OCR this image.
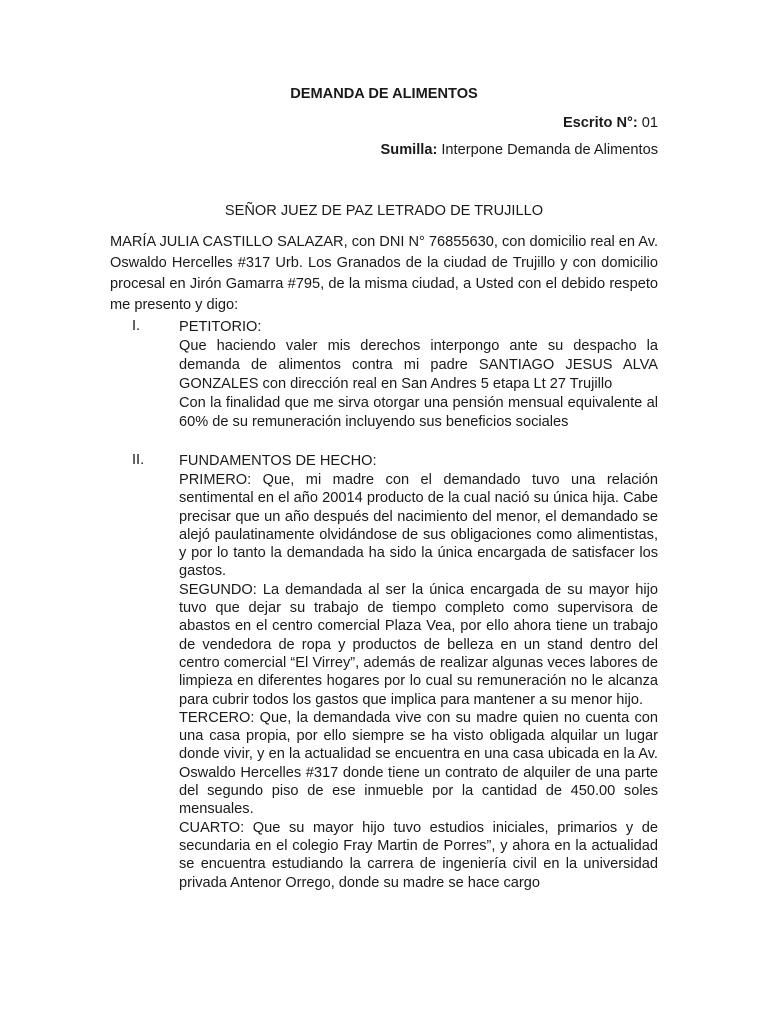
DEMANDA DE ALIMENTOS
Escrito N°: 01
Sumilla: Interpone Demanda de Alimentos
SEÑOR JUEZ DE PAZ LETRADO DE TRUJILLO
MARÍA JULIA CASTILLO SALAZAR, con DNI N° 76855630, con domicilio real en Av. Oswaldo Hercelles #317 Urb. Los Granados de la ciudad de Trujillo y con domicilio procesal en Jirón Gamarra #795, de la misma ciudad, a Usted con el debido respeto me presento y digo:
I.	PETITORIO:

Que haciendo valer mis derechos interpongo ante su despacho la demanda de alimentos contra mi padre SANTIAGO JESUS ALVA GONZALES con dirección real en San Andres 5 etapa Lt 27 Trujillo

Con la finalidad que me sirva otorgar una pensión mensual equivalente al 60% de su remuneración incluyendo sus beneficios sociales

II. FUNDAMENTOS DE HECHO:

PRIMERO: Que, mi madre con el demandado tuvo una relación sentimental en el año 20014 producto de la cual nació su única hija. Cabe precisar que un año después del nacimiento del menor, el demandado se alejó paulatinamente olvidándose de sus obligaciones como alimentistas, y por lo tanto la demandada ha sido la única encargada de satisfacer los gastos.

SEGUNDO: La demandada al ser la única encargada de su mayor hijo tuvo que dejar su trabajo de tiempo completo como supervisora de abastos en el centro comercial Plaza Vea, por ello ahora tiene un trabajo de vendedora de ropa y productos de belleza en un stand dentro del centro comercial “El Virrey”, además de realizar algunas veces labores de limpieza en diferentes hogares por lo cual su remuneración no le alcanza para cubrir todos los gastos que implica para mantener a su menor hijo.

TERCERO: Que, la demandada vive con su madre quien no cuenta con una casa propia, por ello siempre se ha visto obligada alquilar un lugar donde vivir, y en la actualidad se encuentra en una casa ubicada en la Av. Oswaldo Hercelles #317 donde tiene un contrato de alquiler de una parte del segundo piso de ese inmueble por la cantidad de 450.00 soles mensuales.

CUARTO: Que su mayor hijo tuvo estudios iniciales, primarios y de secundaria en el colegio Fray Martin de Porres”, y ahora en la actualidad se encuentra estudiando la carrera de ingeniería civil en la universidad privada Antenor Orrego, donde su madre se hace cargo
